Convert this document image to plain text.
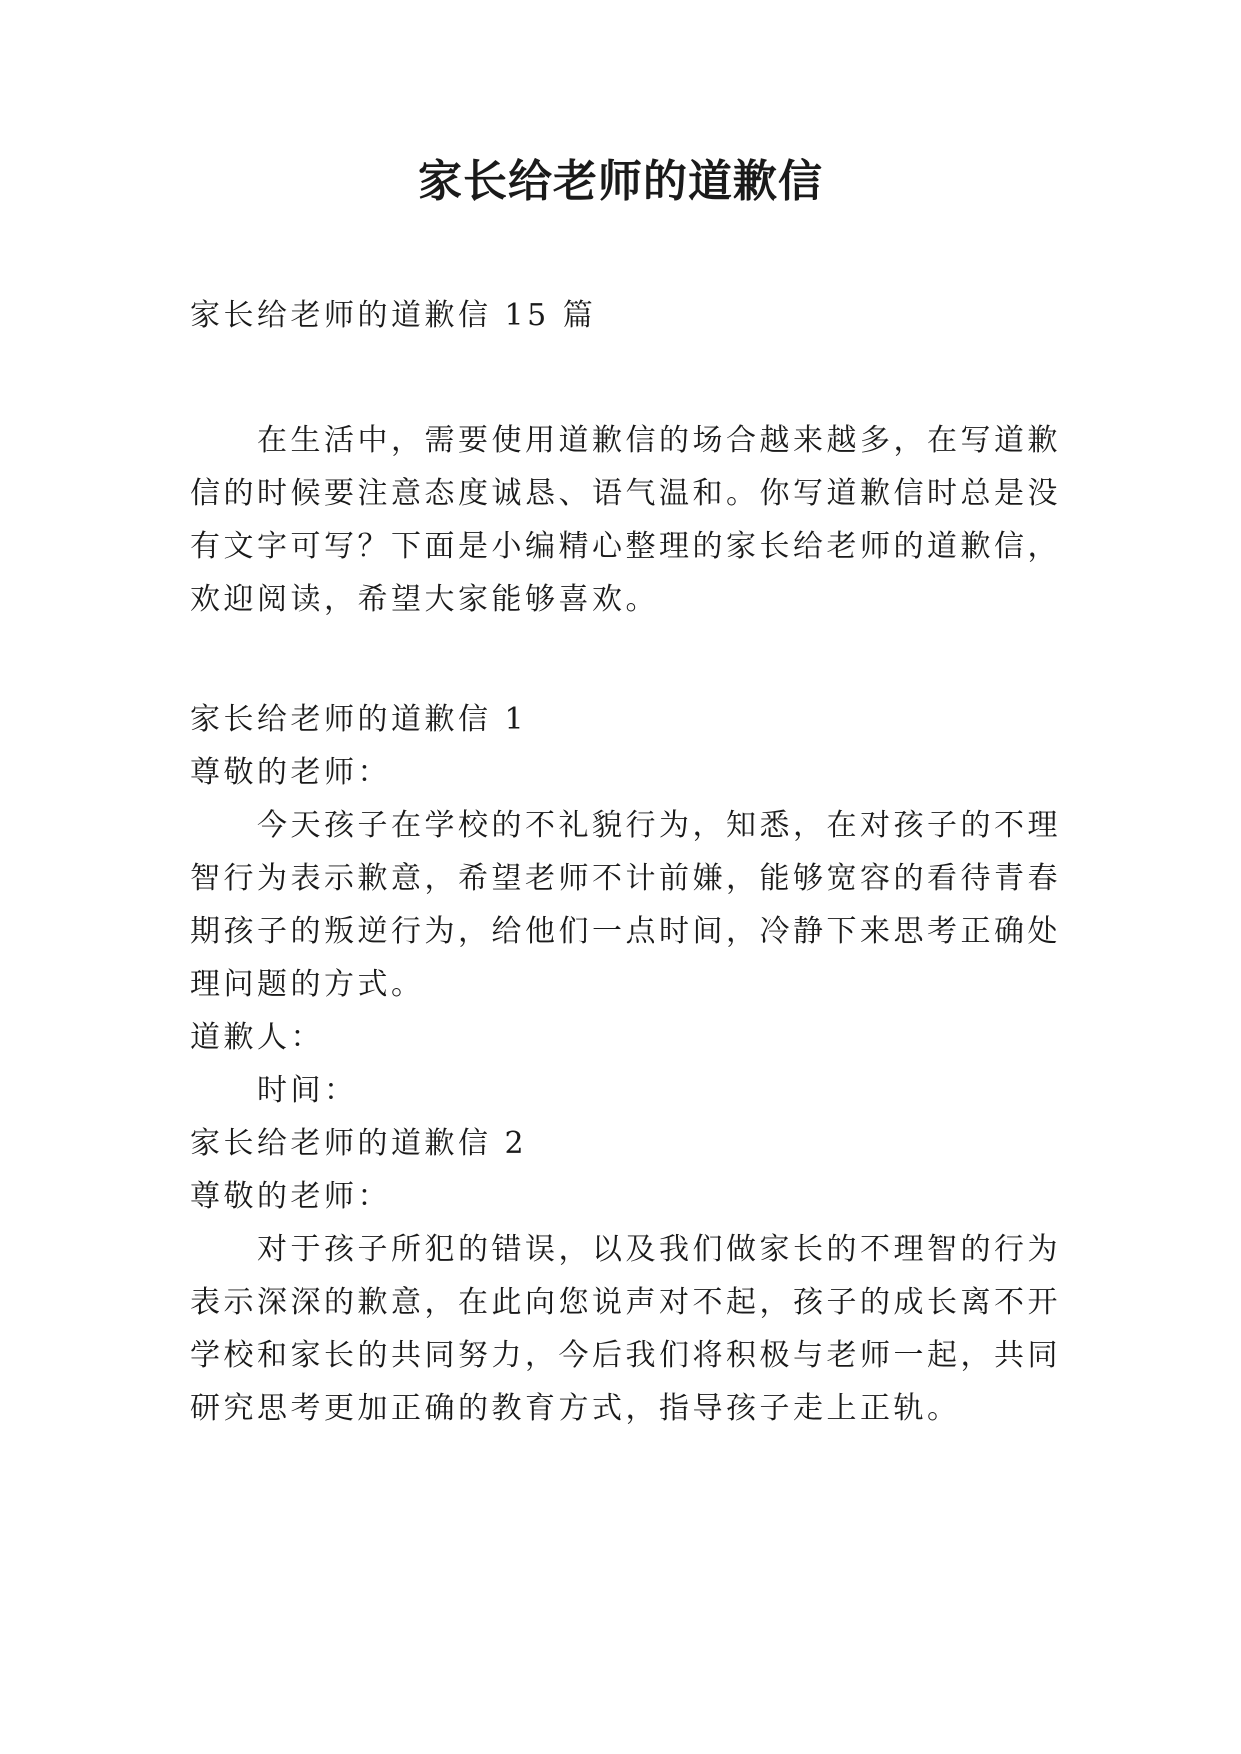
家长给老师的道歉信
家长给老师的道歉信 15 篇
在生活中，需要使用道歉信的场合越来越多，在写道歉
信的时候要注意态度诚恳、语气温和。你写道歉信时总是没
有文字可写？下面是小编精心整理的家长给老师的道歉信，
欢迎阅读，希望大家能够喜欢。
家长给老师的道歉信 1
尊敬的老师：
今天孩子在学校的不礼貌行为，知悉，在对孩子的不理
智行为表示歉意，希望老师不计前嫌，能够宽容的看待青春
期孩子的叛逆行为，给他们一点时间，冷静下来思考正确处
理问题的方式。
道歉人：
时间：
家长给老师的道歉信 2
尊敬的老师：
对于孩子所犯的错误，以及我们做家长的不理智的行为
表示深深的歉意，在此向您说声对不起，孩子的成长离不开
学校和家长的共同努力，今后我们将积极与老师一起，共同
研究思考更加正确的教育方式，指导孩子走上正轨。
